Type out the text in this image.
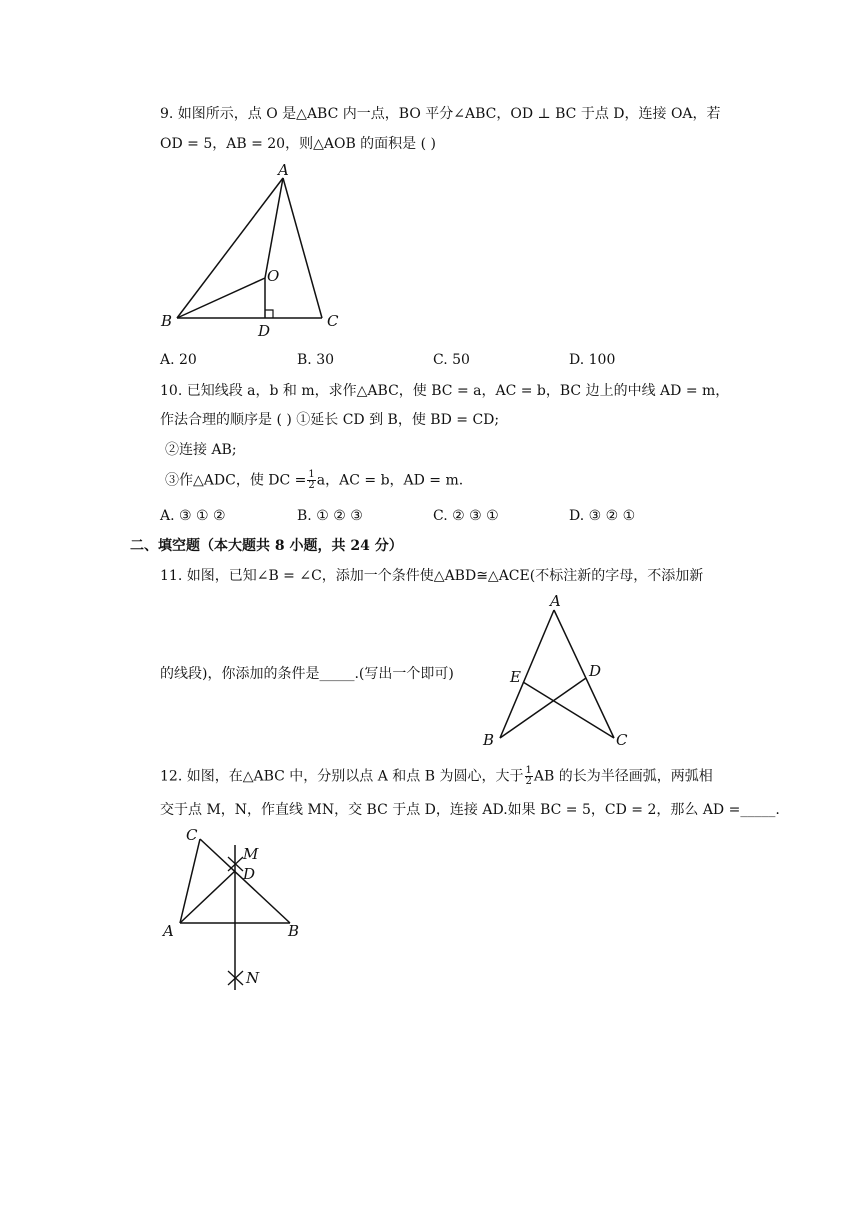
9. 如图所示，点 O 是△ABC 内一点，BO 平分∠ABC，OD ⊥ BC 于点 D，连接 OA，若
OD = 5，AB = 20，则△AOB 的面积是 ( )
A
B	C
O
D
A. 20	B. 30	C. 50	D. 100
10. 已知线段 a，b 和 m，求作△ABC，使 BC = a，AC = b，BC 边上的中线 AD = m，
作法合理的顺序是 ( ) ①延长 CD 到 B，使 BD = CD;
②连接 AB;
③作△ADC，使 DC = $\frac{1}{2}$ a，AC = b，AD = m.
A. ③ ① ②	B. ① ② ③	C. ② ③ ①	D. ③ ② ①
二、填空题（本大题共 8 小题，共 24 分）
11. 如图，已知∠B = ∠C，添加一个条件使△ABD≅△ACE(不标注新的字母，不添加新
的线段)，你添加的条件是_____.(写出一个即可)
A
B	C
D
E
12. 如图，在△ABC 中，分别以点 A 和点 B 为圆心，大于 $\frac{1}{2}$ AB 的长为半径画弧，两弧相
交于点 M，N，作直线 MN，交 BC 于点 D，连接 AD.如果 BC = 5，CD = 2，那么 AD =_____.
C
A	B
D
M
N
